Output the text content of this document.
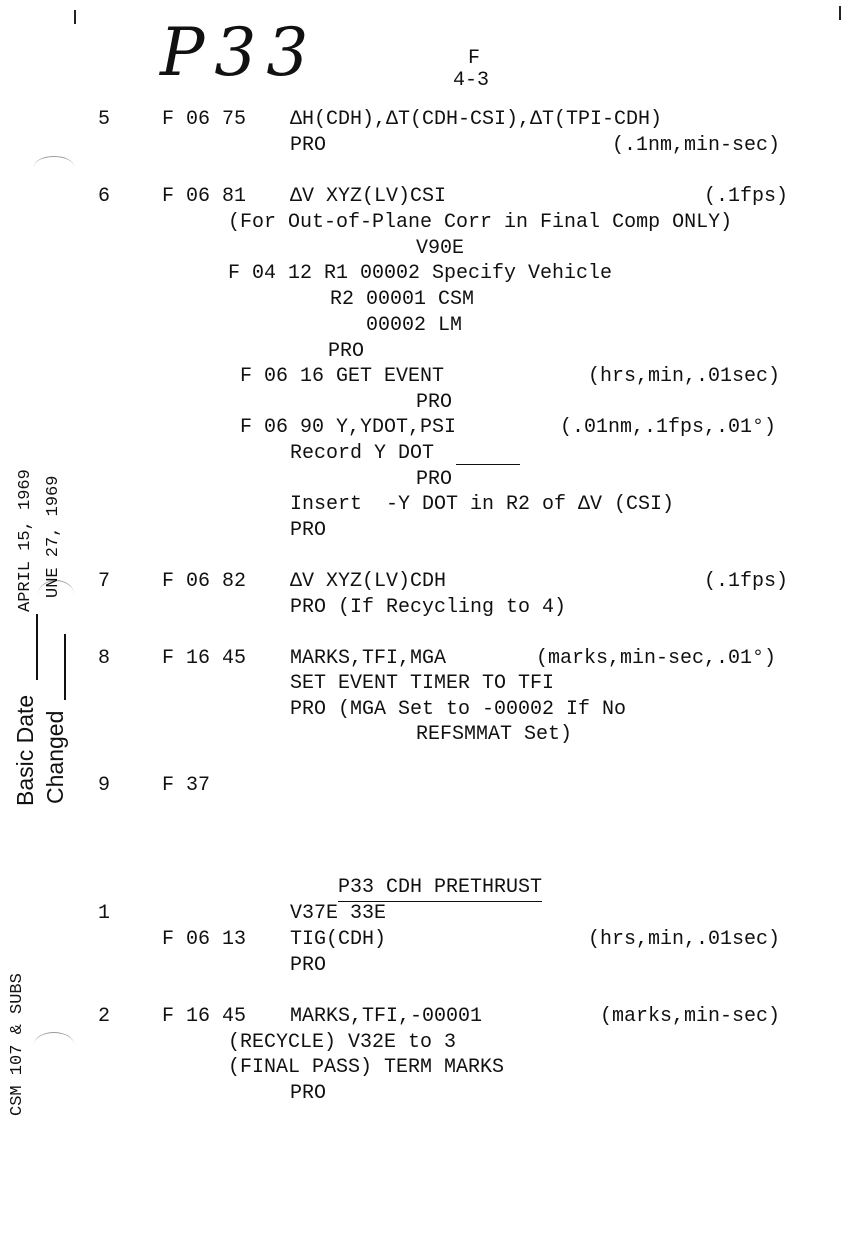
P33	F
4-3
Basic Date Changed
APRIL 15, 1969 UNE 27, 1969
CSM 107 & SUBS
5	F 06 75 ΔH(CDH),ΔT(CDH-CSI),ΔT(TPI-CDH)
PRO	(.1nm,min-sec)
6	F 06 81 ΔV XYZ(LV)CSI	(.1fps)
(For Out-of-Plane Corr in Final Comp ONLY)
V90E
F 04 12 R1 00002 Specify Vehicle
R2 00001 CSM
00002 LM
PRO
F 06 16 GET EVENT	(hrs,min,.01sec)
PRO
F 06 90 Y,YDOT,PSI	(.01nm,.1fps,.01°)
Record Y DOT
PRO
Insert  -Y DOT in R2 of ΔV (CSI)
PRO
7	F 06 82 ΔV XYZ(LV)CDH	(.1fps)
PRO (If Recycling to 4)
8	F 16 45 MARKS,TFI,MGA	(marks,min-sec,.01°)
SET EVENT TIMER TO TFI
PRO (MGA Set to -00002 If No
REFSMMAT Set)
9	F 37

P33 CDH PRETHRUST

1	V37E 33E
F 06 13 TIG(CDH)	(hrs,min,.01sec)
PRO
2	F 16 45 MARKS,TFI,-00001	(marks,min-sec)
(RECYCLE) V32E to 3
(FINAL PASS) TERM MARKS
PRO
